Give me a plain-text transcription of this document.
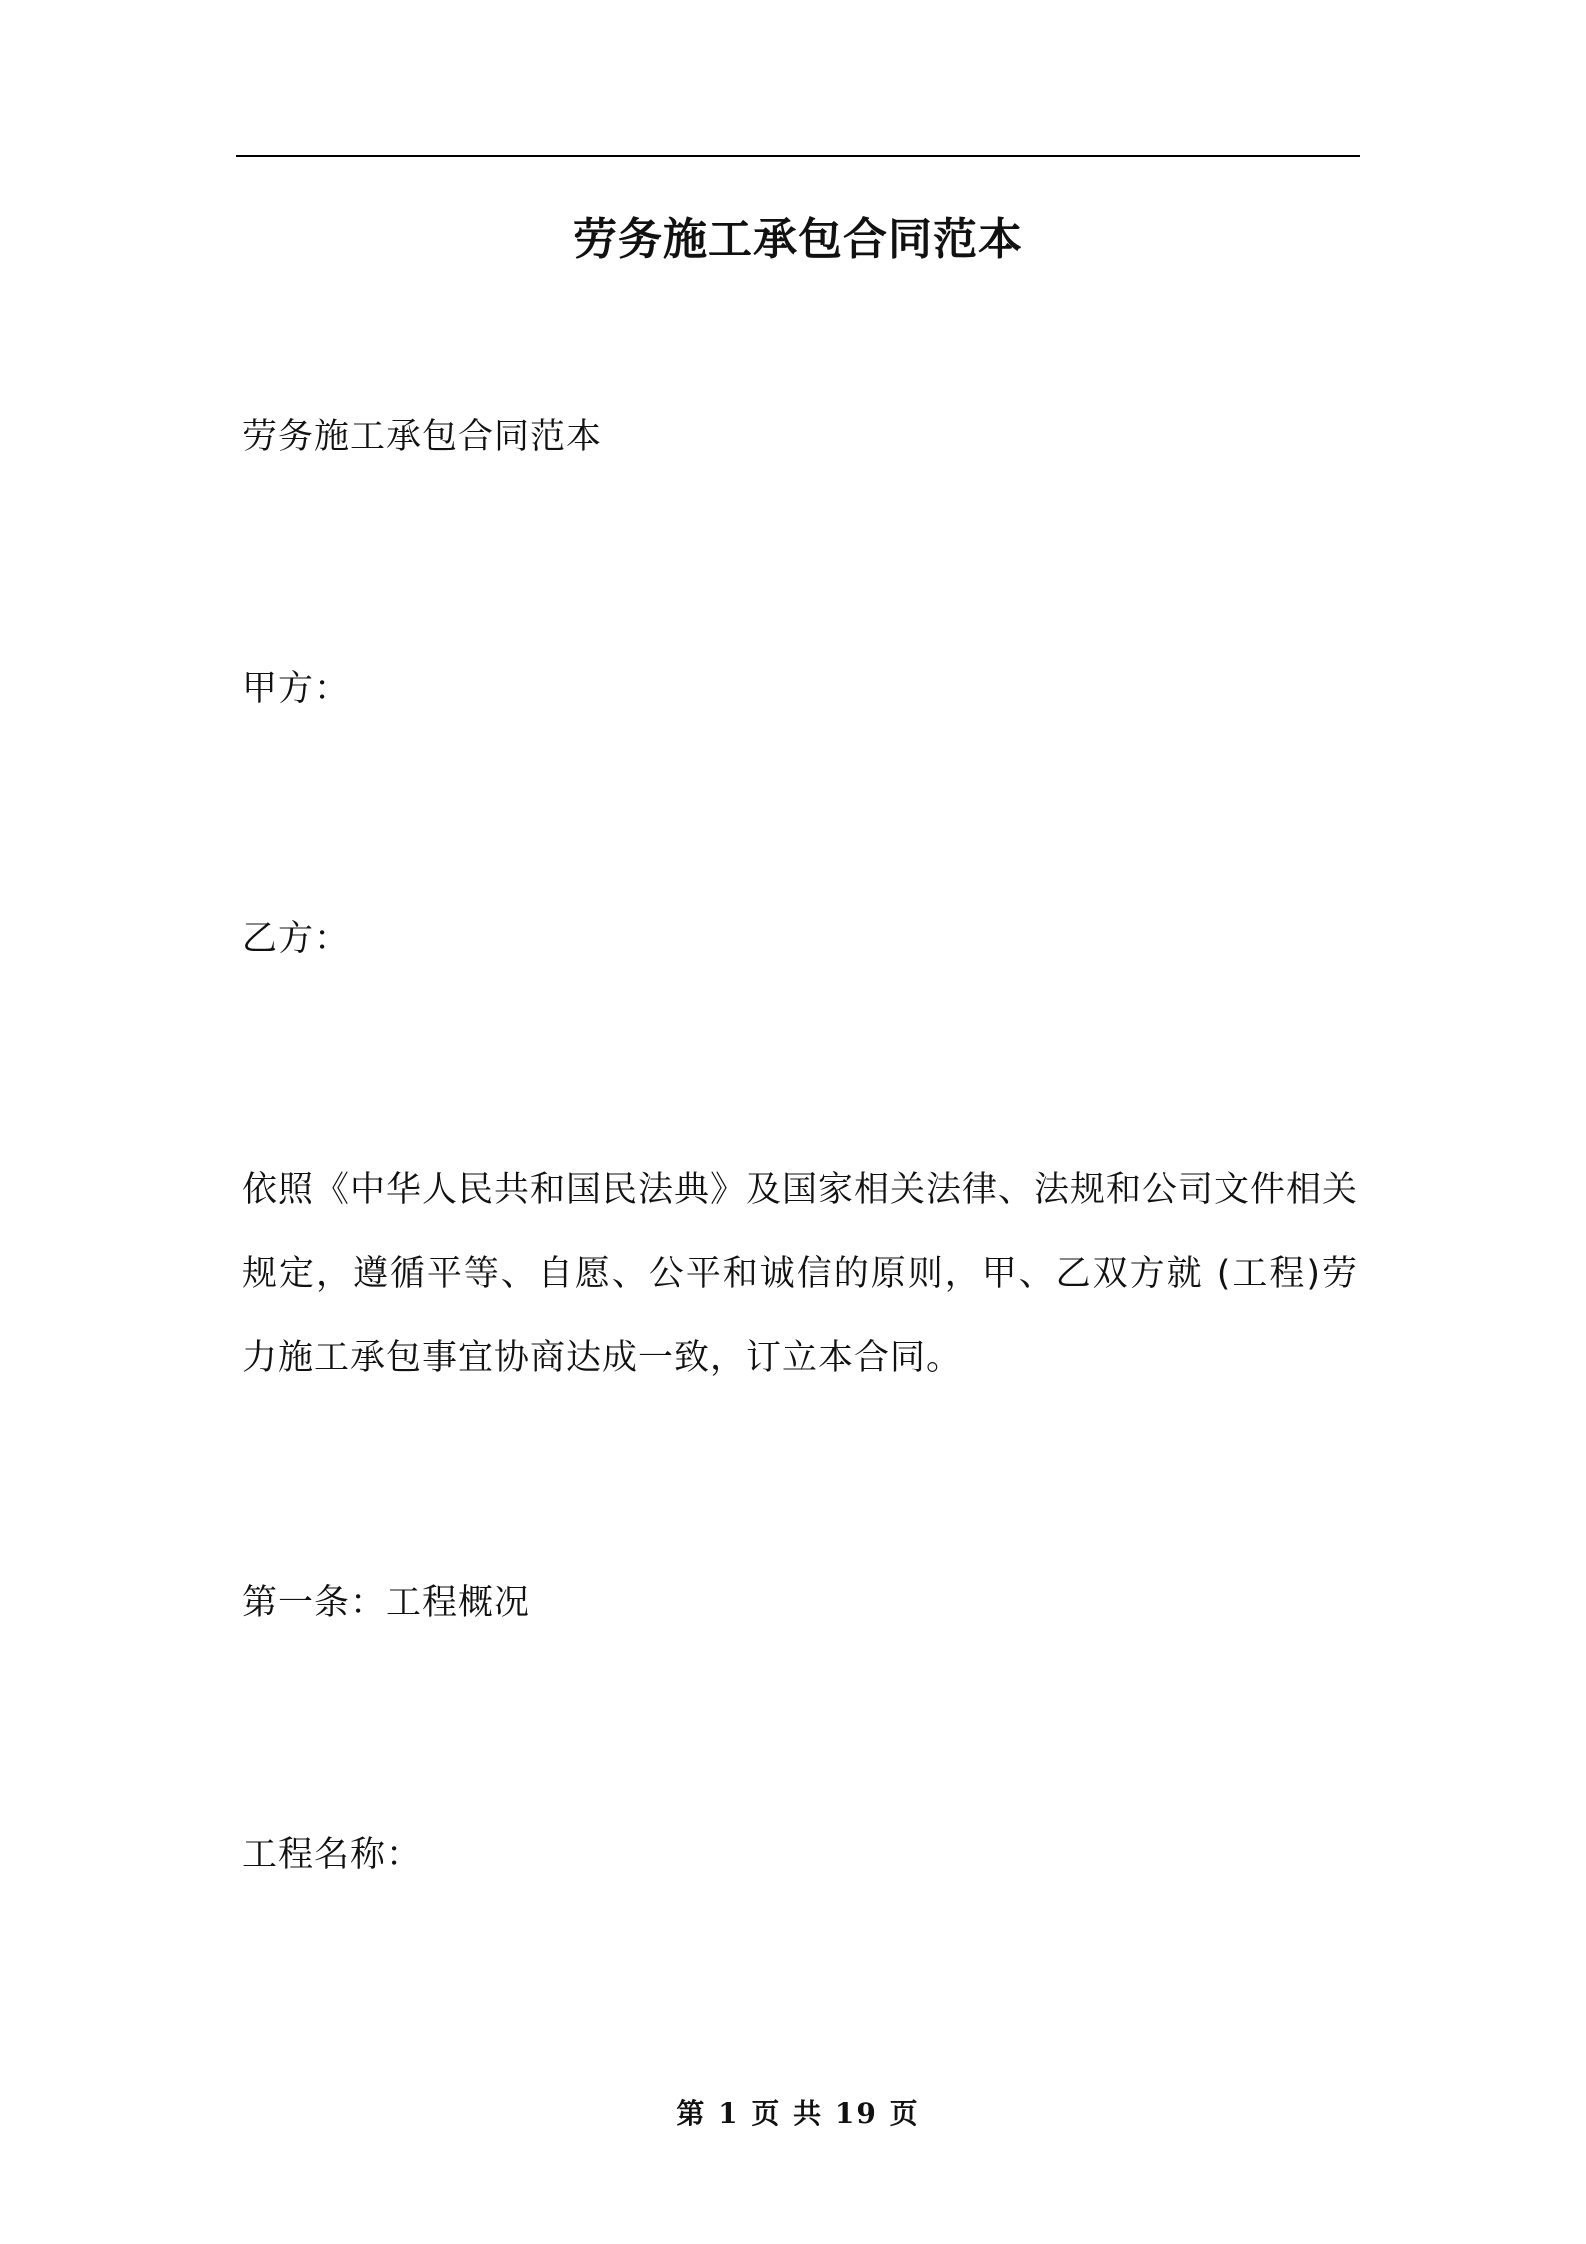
劳务施工承包合同范本
劳务施工承包合同范本
甲方：
乙方：
依照《中华人民共和国民法典》及国家相关法律、法规和公司文件相关规定，遵循平等、自愿、公平和诚信的原则，甲、乙双方就 (工程)劳力施工承包事宜协商达成一致，订立本合同。
第一条：工程概况
工程名称：
第 1 页 共 19 页
